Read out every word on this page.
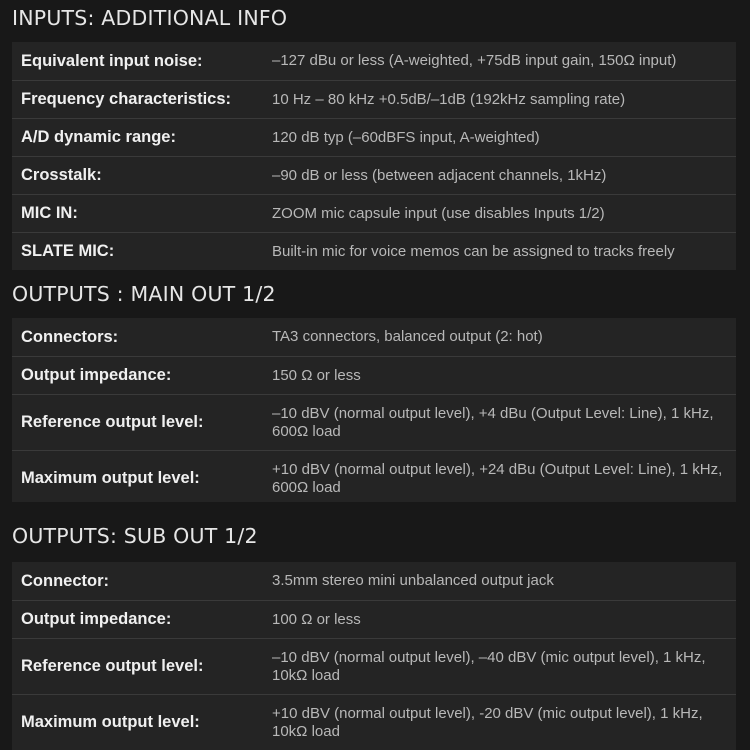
INPUTS: ADDITIONAL INFO
Equivalent input noise:	–127 dBu or less (A-weighted, +75dB input gain, 150Ω input)
Frequency characteristics:	10 Hz – 80 kHz +0.5dB/–1dB (192kHz sampling rate)
A/D dynamic range:	120 dB typ (–60dBFS input, A-weighted)
Crosstalk:	–90 dB or less (between adjacent channels, 1kHz)
MIC IN:	ZOOM mic capsule input (use disables Inputs 1/2)
SLATE MIC:	Built-in mic for voice memos can be assigned to tracks freely
OUTPUTS : MAIN OUT 1/2
Connectors:	TA3 connectors, balanced output (2: hot)
Output impedance:	150 Ω or less
Reference output level:	–10 dBV (normal output level), +4 dBu (Output Level: Line), 1 kHz, 600Ω load
Maximum output level:	+10 dBV (normal output level), +24 dBu (Output Level: Line), 1 kHz, 600Ω load
OUTPUTS: SUB OUT 1/2
Connector:	3.5mm stereo mini unbalanced output jack
Output impedance:	100 Ω or less
Reference output level:	–10 dBV (normal output level), –40 dBV (mic output level), 1 kHz, 10kΩ load
Maximum output level:	+10 dBV (normal output level), -20 dBV (mic output level), 1 kHz, 10kΩ load
